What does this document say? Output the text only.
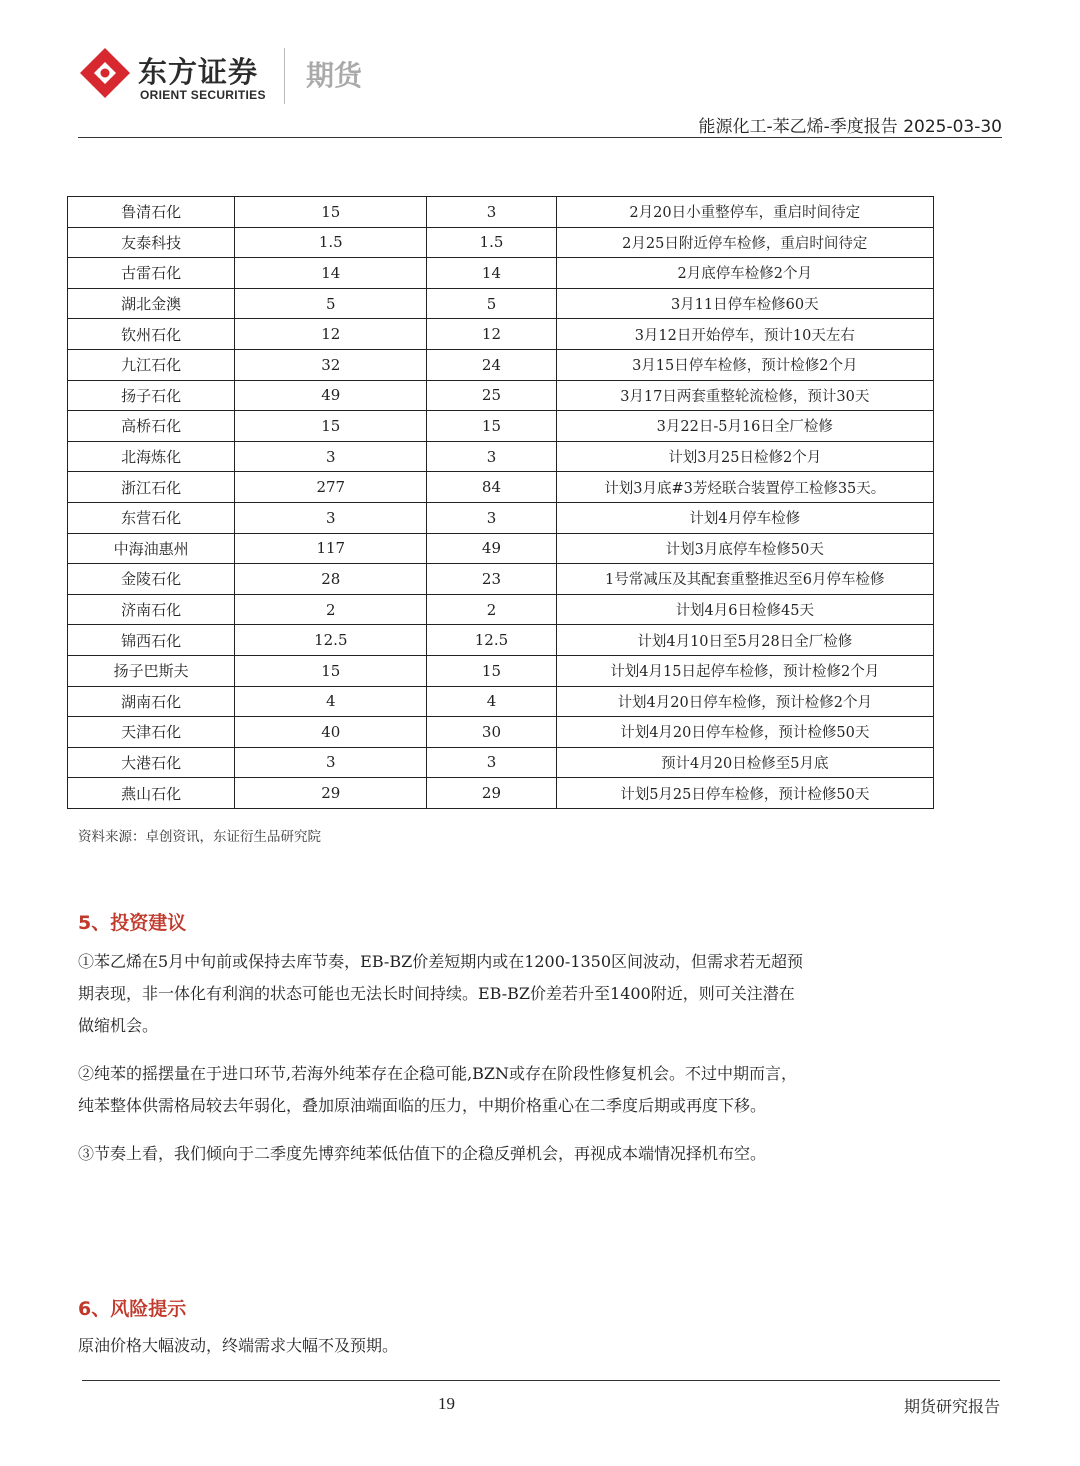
东方证券
ORIENT SECURITIES
期货
能源化工-苯乙烯-季度报告 2025-03-30
鲁清石化	15	3	2月20日小重整停车，重启时间待定
友泰科技	1.5	1.5	2月25日附近停车检修，重启时间待定
古雷石化	14	14	2月底停车检修2个月
湖北金澳	5	5	3月11日停车检修60天
钦州石化	12	12	3月12日开始停车，预计10天左右
九江石化	32	24	3月15日停车检修，预计检修2个月
扬子石化	49	25	3月17日两套重整轮流检修，预计30天
高桥石化	15	15	3月22日-5月16日全厂检修
北海炼化	3	3	计划3月25日检修2个月
浙江石化	277	84	计划3月底#3芳烃联合装置停工检修35天。
东营石化	3	3	计划4月停车检修
中海油惠州	117	49	计划3月底停车检修50天
金陵石化	28	23	1号常减压及其配套重整推迟至6月停车检修
济南石化	2	2	计划4月6日检修45天
锦西石化	12.5	12.5	计划4月10日至5月28日全厂检修
扬子巴斯夫	15	15	计划4月15日起停车检修，预计检修2个月
湖南石化	4	4	计划4月20日停车检修，预计检修2个月
天津石化	40	30	计划4月20日停车检修，预计检修50天
大港石化	3	3	预计4月20日检修至5月底
燕山石化	29	29	计划5月25日停车检修，预计检修50天
资料来源：卓创资讯，东证衍生品研究院
5、投资建议

①苯乙烯在5月中旬前或保持去库节奏，EB-BZ价差短期内或在1200-1350区间波动，但需求若无超预期表现，非一体化有利润的状态可能也无法长时间持续。EB-BZ价差若升至1400附近，则可关注潜在做缩机会。

②纯苯的摇摆量在于进口环节,若海外纯苯存在企稳可能,BZN或存在阶段性修复机会。不过中期而言，纯苯整体供需格局较去年弱化，叠加原油端面临的压力，中期价格重心在二季度后期或再度下移。

③节奏上看，我们倾向于二季度先博弈纯苯低估值下的企稳反弹机会，再视成本端情况择机布空。

6、风险提示

原油价格大幅波动，终端需求大幅不及预期。

19	期货研究报告
